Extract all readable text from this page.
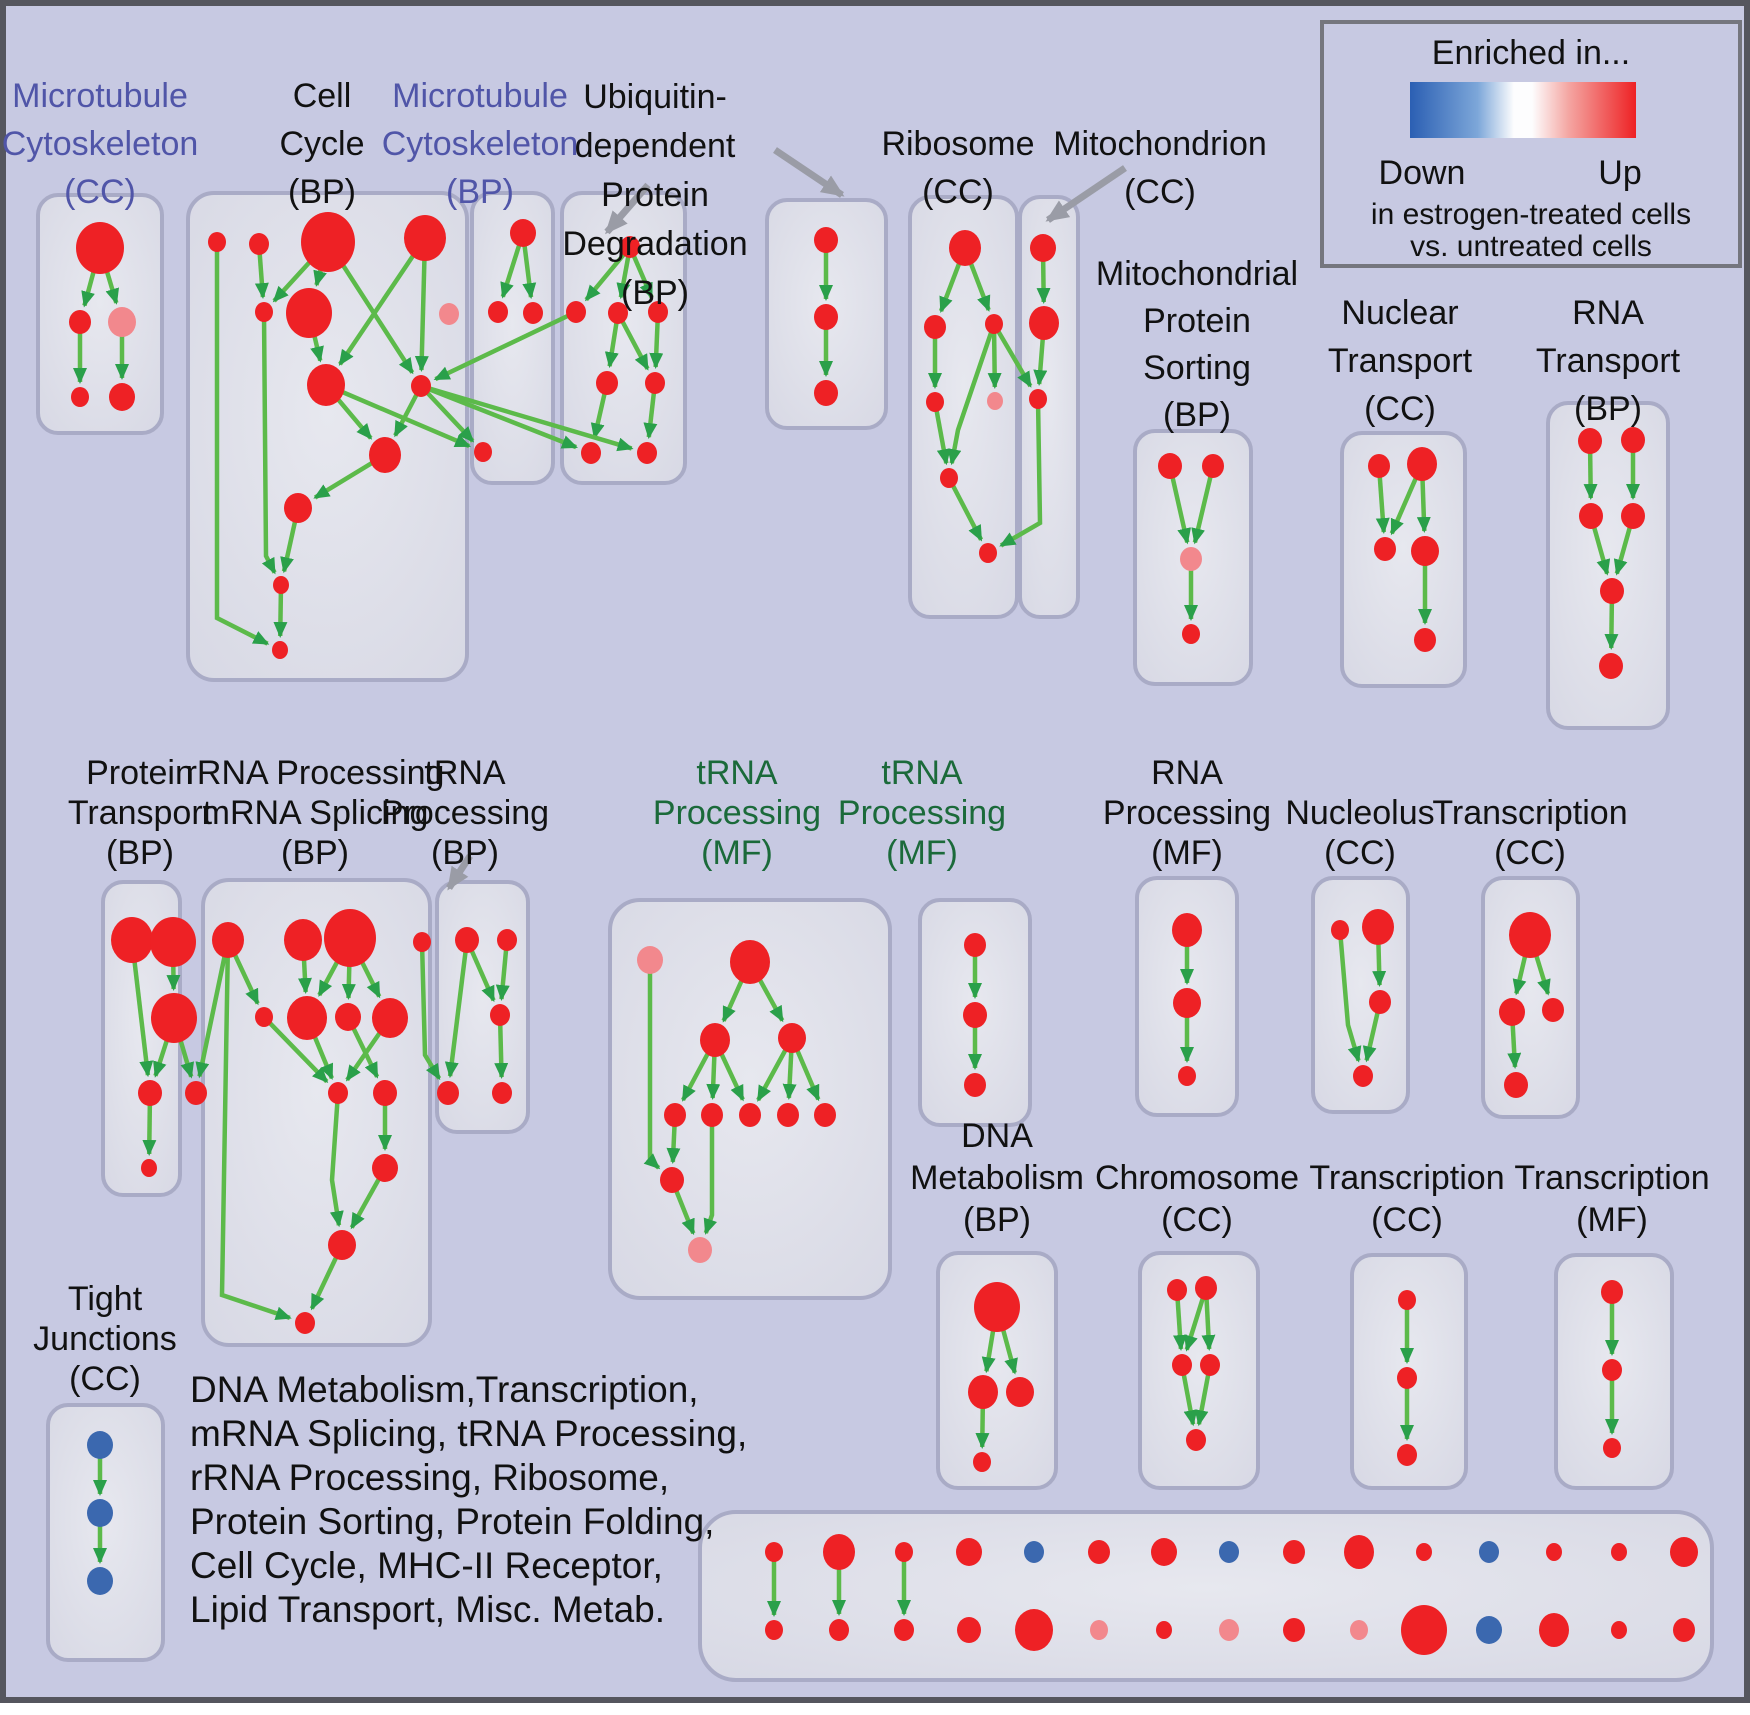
Microtubule Cytoskeleton (CC)
Cell Cycle (BP)
Microtubule Cytoskeleton (BP)
Ubiquitin-dependent Protein Degradation (BP)
Ribosome (CC)
Mitochondrion (CC)
Mitochondrial Protein Sorting (BP)
Nuclear Transport (CC)
RNA Transport (BP)
Protein Transport (BP)
rRNA Processing mRNA Splicing (BP)
tRNA Processing (BP)
tRNA Processing (MF)
tRNA Processing (MF)
RNA Processing (MF)
Nucleolus (CC)
Transcription (CC)
Tight Junctions (CC)
DNA Metabolism (BP)
Chromosome (CC)
Transcription (CC)
Transcription (MF)
Enriched in...
Down	Up
in estrogen-treated cells
vs. untreated cells
DNA Metabolism,Transcription,
mRNA Splicing, tRNA Processing,
rRNA Processing, Ribosome,
Protein Sorting, Protein Folding,
Cell Cycle, MHC-II Receptor,
Lipid Transport, Misc. Metab.
